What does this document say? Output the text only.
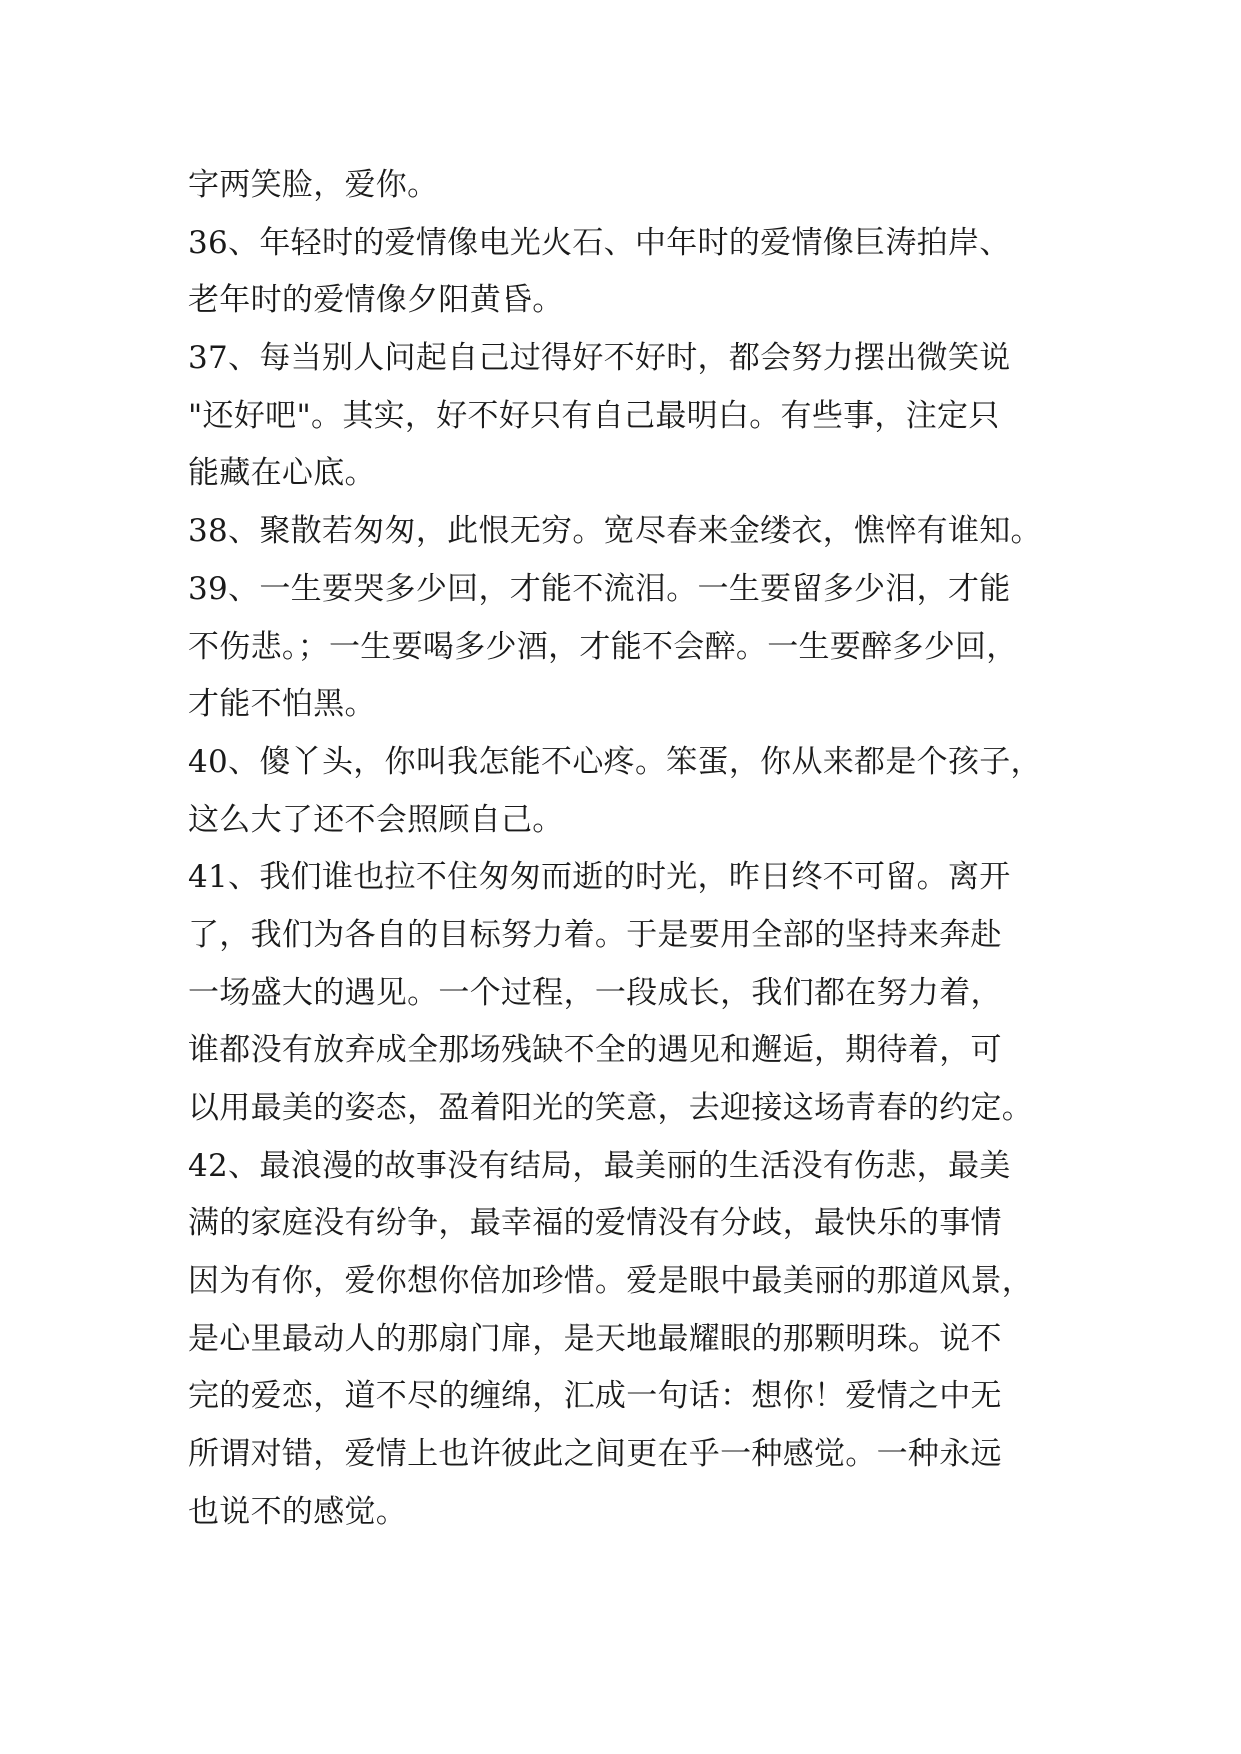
字两笑脸，爱你。
36、年轻时的爱情像电光火石、中年时的爱情像巨涛拍岸、
老年时的爱情像夕阳黄昏。
37、每当别人问起自己过得好不好时，都会努力摆出微笑说
"还好吧"。其实，好不好只有自己最明白。有些事，注定只
能藏在心底。
38、聚散若匆匆，此恨无穷。宽尽春来金缕衣，憔悴有谁知。
39、一生要哭多少回，才能不流泪。一生要留多少泪，才能
不伤悲。；一生要喝多少酒，才能不会醉。一生要醉多少回，
才能不怕黑。
40、傻丫头，你叫我怎能不心疼。笨蛋，你从来都是个孩子，
这么大了还不会照顾自己。
41、我们谁也拉不住匆匆而逝的时光，昨日终不可留。离开
了，我们为各自的目标努力着。于是要用全部的坚持来奔赴
一场盛大的遇见。一个过程，一段成长，我们都在努力着，
谁都没有放弃成全那场残缺不全的遇见和邂逅，期待着，可
以用最美的姿态，盈着阳光的笑意，去迎接这场青春的约定。
42、最浪漫的故事没有结局，最美丽的生活没有伤悲，最美
满的家庭没有纷争，最幸福的爱情没有分歧，最快乐的事情
因为有你，爱你想你倍加珍惜。爱是眼中最美丽的那道风景，
是心里最动人的那扇门扉，是天地最耀眼的那颗明珠。说不
完的爱恋，道不尽的缠绵，汇成一句话：想你！爱情之中无
所谓对错，爱情上也许彼此之间更在乎一种感觉。一种永远
也说不的感觉。
